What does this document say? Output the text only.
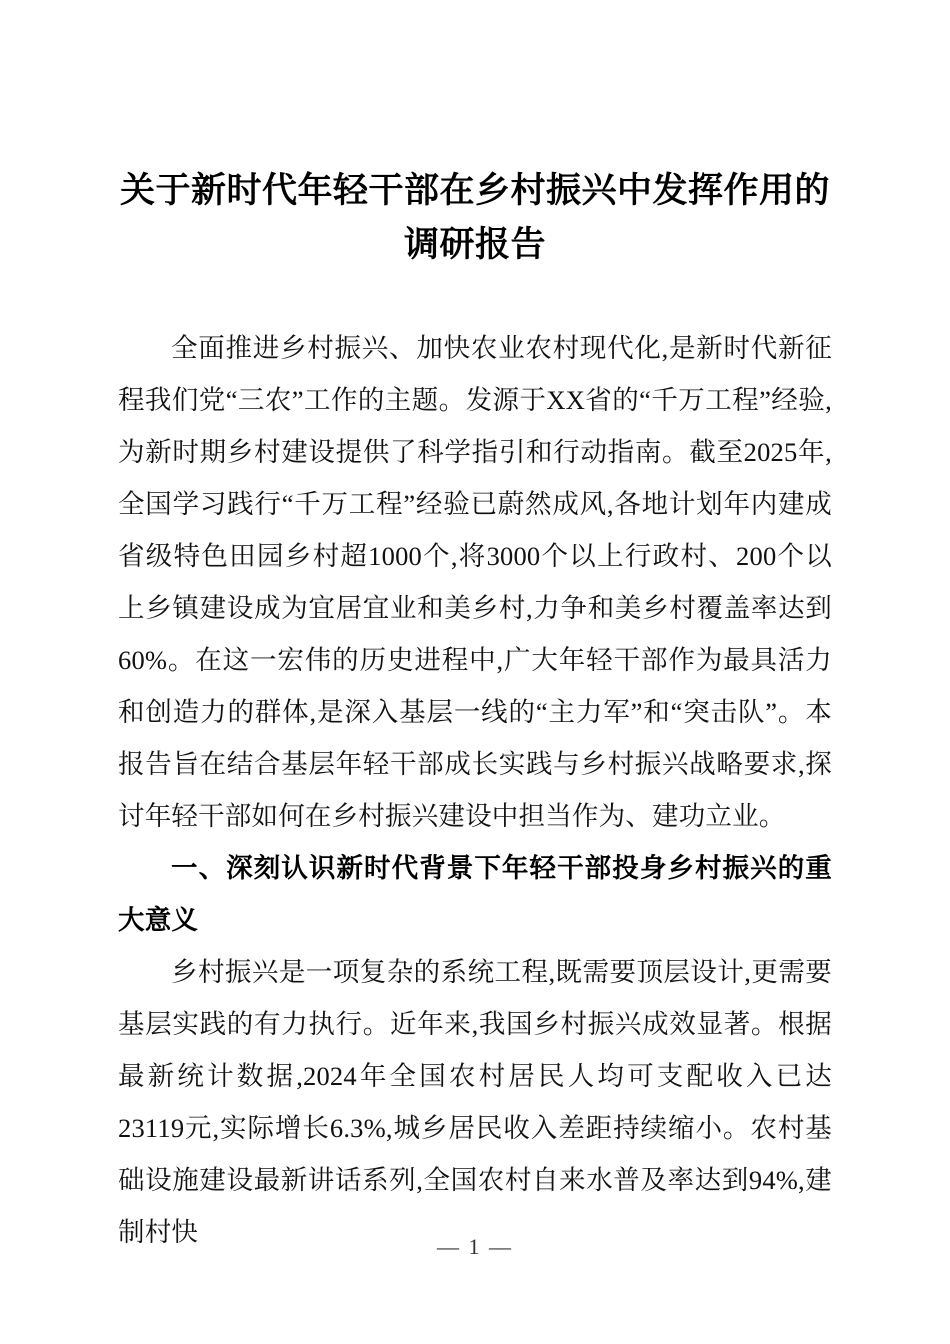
关于新时代年轻干部在乡村振兴中发挥作用的
调研报告

全面推进乡村振兴、加快农业农村现代化,是新时代新征程我们党“三农”工作的主题。发源于XX省的“千万工程”经验,为新时期乡村建设提供了科学指引和行动指南。截至2025年,全国学习践行“千万工程”经验已蔚然成风,各地计划年内建成省级特色田园乡村超1000个,将3000个以上行政村、200个以上乡镇建设成为宜居宜业和美乡村,力争和美乡村覆盖率达到60%。在这一宏伟的历史进程中,广大年轻干部作为最具活力和创造力的群体,是深入基层一线的“主力军”和“突击队”。本报告旨在结合基层年轻干部成长实践与乡村振兴战略要求,探讨年轻干部如何在乡村振兴建设中担当作为、建功立业。

一、深刻认识新时代背景下年轻干部投身乡村振兴的重大意义

乡村振兴是一项复杂的系统工程,既需要顶层设计,更需要基层实践的有力执行。近年来,我国乡村振兴成效显著。根据最新统计数据,2024年全国农村居民人均可支配收入已达23119元,实际增长6.3%,城乡居民收入差距持续缩小。农村基础设施建设最新讲话系列,全国农村自来水普及率达到94%,建制村快	— 1 —
